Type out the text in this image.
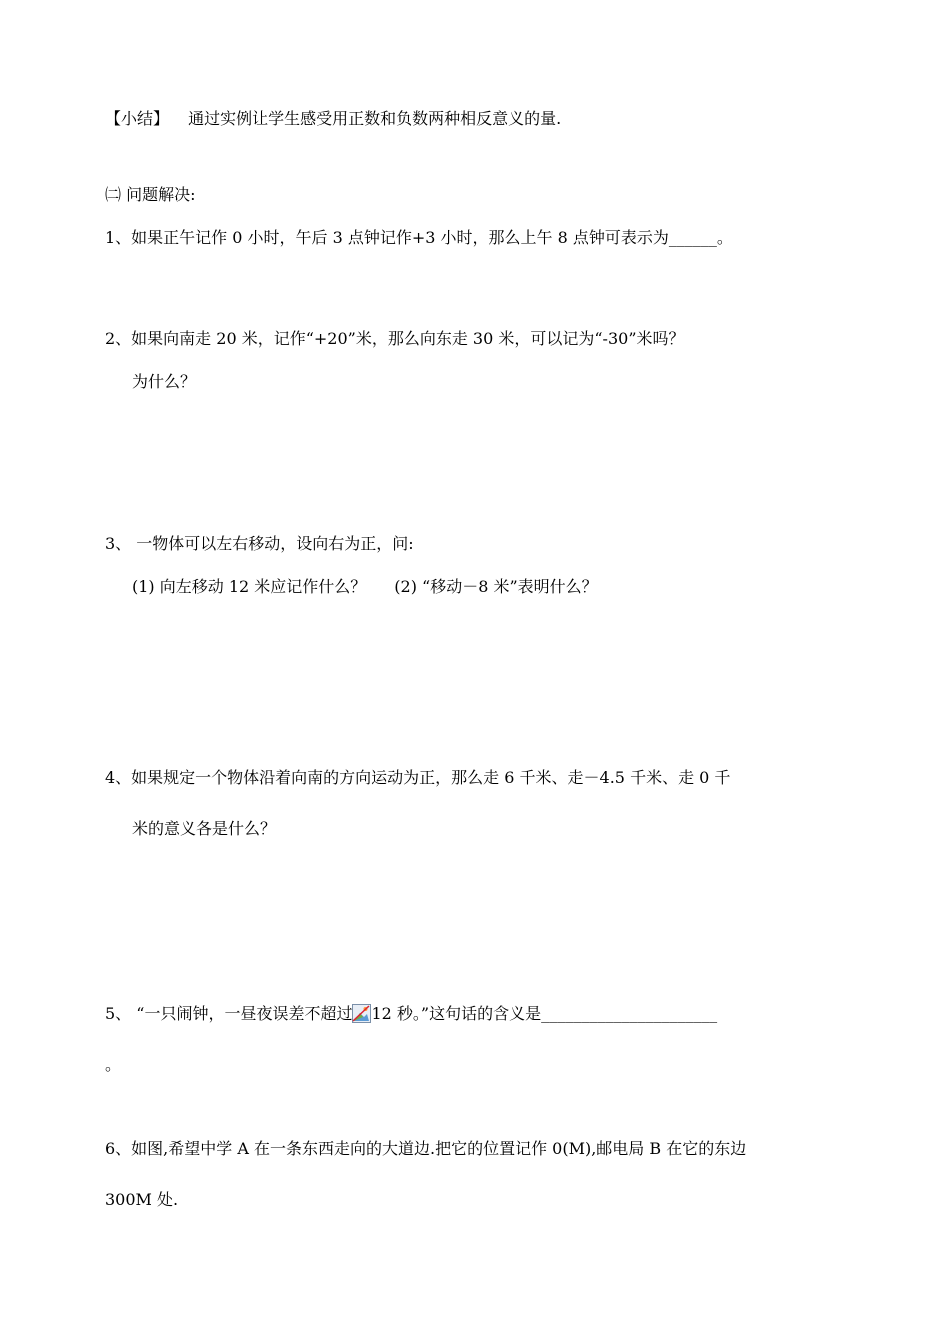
【小结】 通过实例让学生感受用正数和负数两种相反意义的量.
㈡ 问题解决:
1、如果正午记作 0 小时，午后 3 点钟记作+3 小时，那么上午 8 点钟可表示为______。
2、如果向南走 20 米，记作“+20”米，那么向东走 30 米，可以记为“-30”米吗？
为什么？
3、 一物体可以左右移动，设向右为正，问:
(1) 向左移动 12 米应记作什么？ (2) “移动－8 米”表明什么？
4、如果规定一个物体沿着向南的方向运动为正，那么走 6 千米、走－4.5 千米、走 0 千
米的意义各是什么？
5、 “一只闹钟，一昼夜误差不超过 12 秒。”这句话的含义是______________________
。
6、如图,希望中学 A 在一条东西走向的大道边.把它的位置记作 0(M),邮电局 B 在它的东边
300M 处.
